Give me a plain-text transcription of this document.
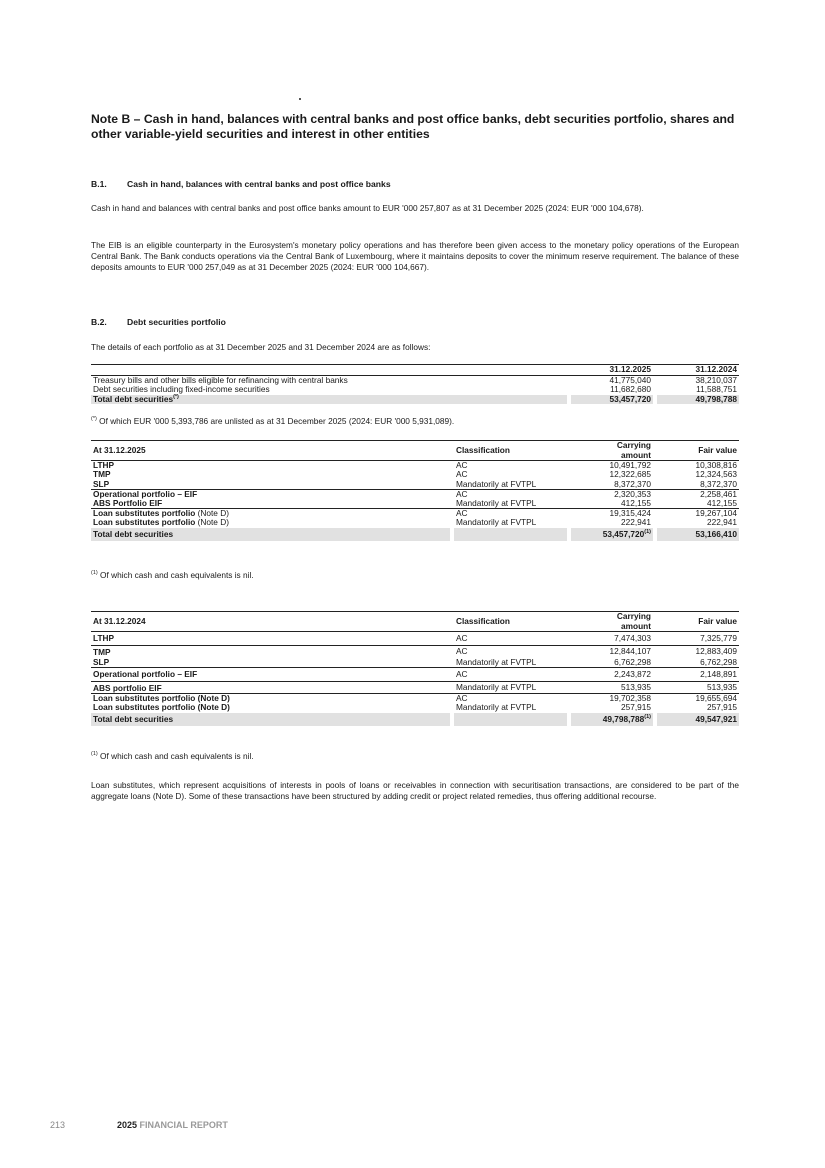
Note B – Cash in hand, balances with central banks and post office banks, debt securities portfolio, shares and other variable-yield securities and interest in other entities
B.1. Cash in hand, balances with central banks and post office banks
Cash in hand and balances with central banks and post office banks amount to EUR '000 257,807 as at 31 December 2025 (2024: EUR '000 104,678).
The EIB is an eligible counterparty in the Eurosystem's monetary policy operations and has therefore been given access to the monetary policy operations of the European Central Bank. The Bank conducts operations via the Central Bank of Luxembourg, where it maintains deposits to cover the minimum reserve requirement. The balance of these deposits amounts to EUR '000 257,049 as at 31 December 2025 (2024: EUR '000 104,667).
B.2. Debt securities portfolio
The details of each portfolio as at 31 December 2025 and 31 December 2024 are as follows:
		31.12.2025		31.12.2024
Treasury bills and other bills eligible for refinancing with central banks		41,775,040		38,210,037
Debt securities including fixed-income securities		11,682,680		11,588,751
Total debt securities(*)		53,457,720		49,798,788
(*) Of which EUR '000 5,393,786 are unlisted as at 31 December 2025 (2024: EUR '000 5,931,089).
At 31.12.2025		Classification		Carrying
amount		Fair value
LTHP		AC		10,491,792		10,308,816
TMP		AC		12,322,685		12,324,563
SLP		Mandatorily at FVTPL		8,372,370		8,372,370
Operational portfolio – EIF		AC		2,320,353		2,258,461
ABS Portfolio EIF		Mandatorily at FVTPL		412,155		412,155
Loan substitutes portfolio (Note D)		AC		19,315,424		19,267,104
Loan substitutes portfolio (Note D)		Mandatorily at FVTPL		222,941		222,941
Total debt securities				53,457,720$^{(1)}$		53,166,410
$^{(1)}$ Of which cash and cash equivalents is nil.
At 31.12.2024		Classification		Carrying
amount		Fair value
LTHP		AC		7,474,303		7,325,779
TMP		AC		12,844,107		12,883,409
SLP		Mandatorily at FVTPL		6,762,298		6,762,298
Operational portfolio – EIF		AC		2,243,872		2,148,891
ABS portfolio EIF		Mandatorily at FVTPL		513,935		513,935
Loan substitutes portfolio (Note D)		AC		19,702,358		19,655,694
Loan substitutes portfolio (Note D)		Mandatorily at FVTPL		257,915		257,915
Total debt securities				49,798,788$^{(1)}$		49,547,921
$^{(1)}$ Of which cash and cash equivalents is nil.
Loan substitutes, which represent acquisitions of interests in pools of loans or receivables in connection with securitisation transactions, are considered to be part of the aggregate loans (Note D). Some of these transactions have been structured by adding credit or project related remedies, thus offering additional recourse.
213	2025 FINANCIAL REPORT
